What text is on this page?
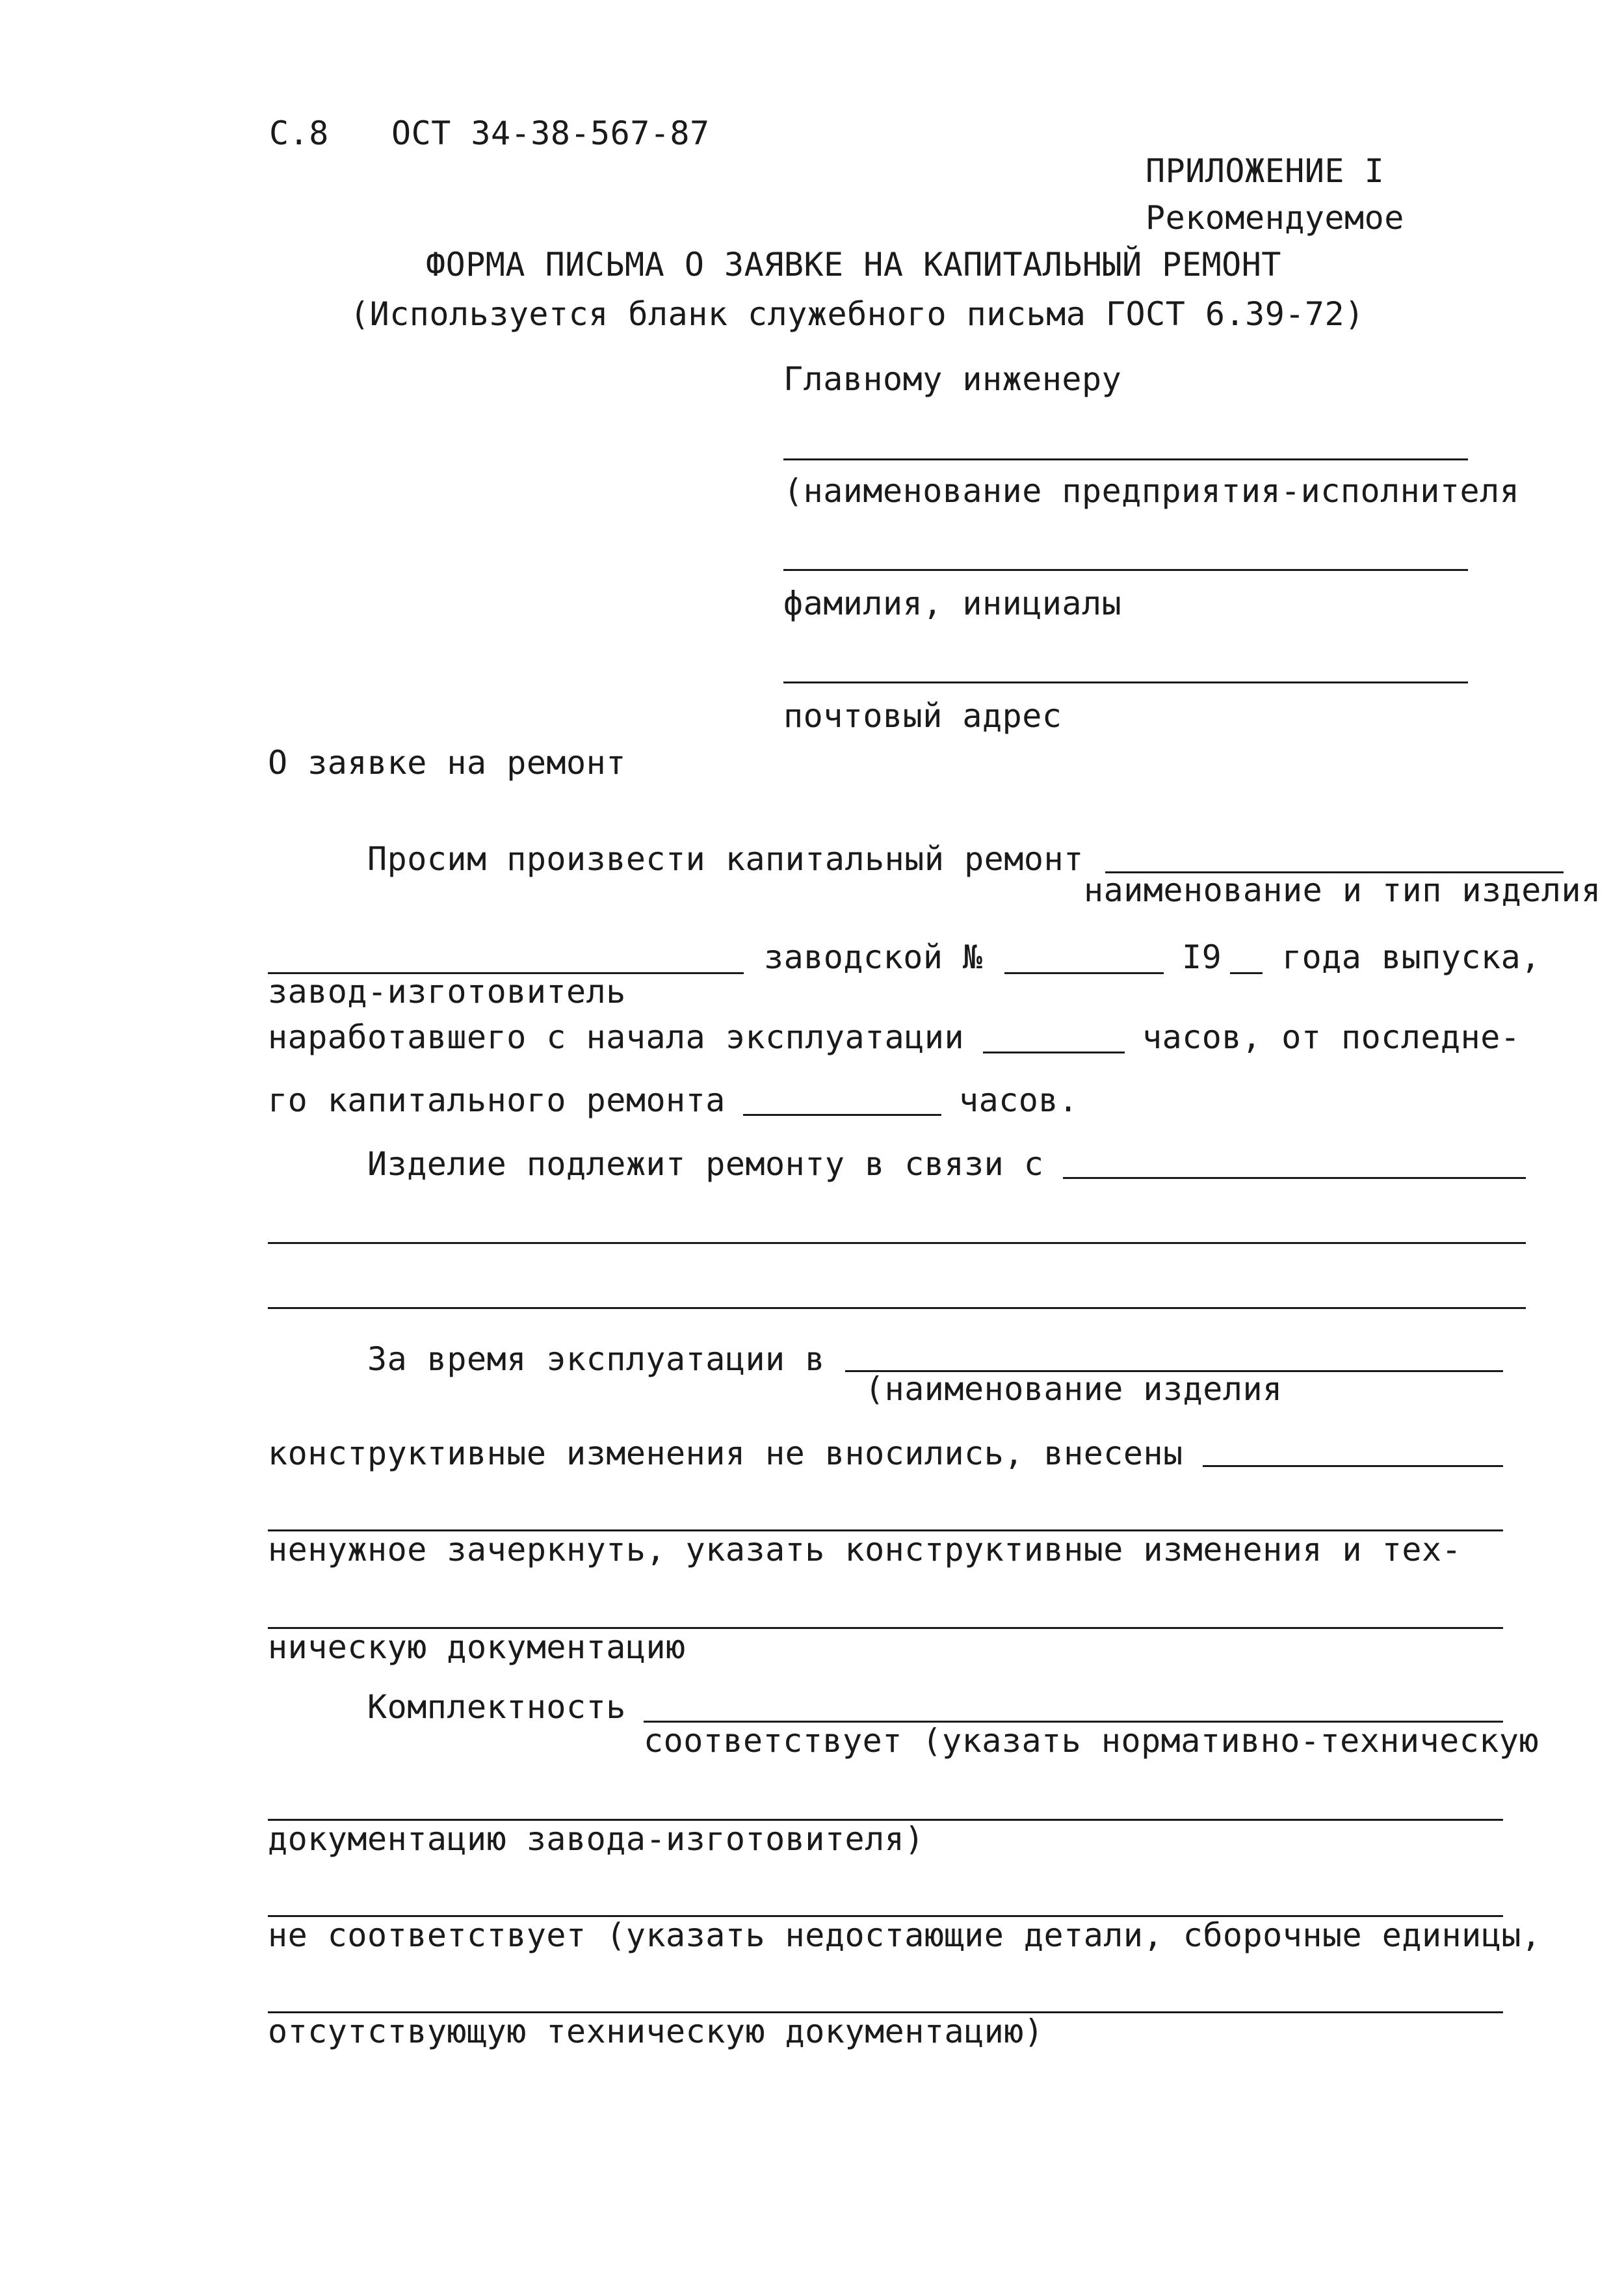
С.8 ОСТ 34-38-567-87
ПРИЛОЖЕНИЕ I
Рекомендуемое
ФОРМА ПИСЬМА О ЗАЯВКЕ НА КАПИТАЛЬНЫЙ РЕМОНТ
(Используется бланк служебного письма ГОСТ 6.39-72)
Главному инженеру
(наименование предприятия-исполнителя
фамилия, инициалы
почтовый адрес
О заявке на ремонт
Просим произвести капитальный ремонт
наименование и тип изделия
заводской №	I9 года выпуска,
завод-изготовитель
наработавшего с начала эксплуатации	часов, от последне-
го капитального ремонта	часов.
Изделие подлежит ремонту в связи с
За время эксплуатации в
(наименование изделия
конструктивные изменения не вносились, внесены
ненужное зачеркнуть, указать конструктивные изменения и тех-
ническую документацию
Комплектность
соответствует (указать нормативно-техническую
документацию завода-изготовителя)
не соответствует (указать недостающие детали, сборочные единицы,
отсутствующую техническую документацию)
